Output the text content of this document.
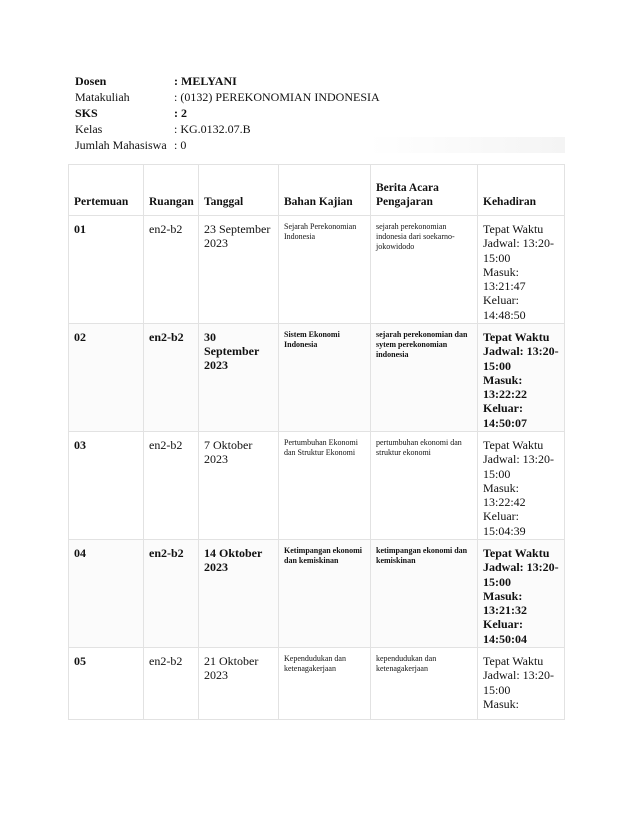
Dosen	: MELYANI
Matakuliah	: (0132) PEREKONOMIAN INDONESIA
SKS	: 2
Kelas	: KG.0132.07.B
Jumlah Mahasiswa : 0
Pertemuan	Ruangan	Tanggal	Bahan Kajian	Berita Acara Pengajaran	Kehadiran
01	en2-b2	23 September 2023	Sejarah Perekonomian Indonesia	sejarah perekonomian indonesia dari soekarno-jokowidodo	Tepat Waktu
Jadwal: 13:20-15:00
Masuk: 13:21:47
Keluar: 14:48:50

02	en2-b2	30 September 2023	Sistem Ekonomi Indonesia	sejarah perekonomian dan sytem perekonomian indonesia	Tepat Waktu
Jadwal: 13:20-15:00
Masuk: 13:22:22
Keluar: 14:50:07

03	en2-b2	7 Oktober 2023	Pertumbuhan Ekonomi dan Struktur Ekonomi	pertumbuhan ekonomi dan struktur ekonomi	Tepat Waktu
Jadwal: 13:20-15:00
Masuk: 13:22:42
Keluar: 15:04:39

04	en2-b2	14 Oktober 2023	Ketimpangan ekonomi dan kemiskinan	ketimpangan ekonomi dan kemiskinan	Tepat Waktu
Jadwal: 13:20-15:00
Masuk: 13:21:32
Keluar: 14:50:04

05	en2-b2	21 Oktober 2023	Kependudukan dan ketenagakerjaan	kependudukan dan ketenagakerjaan	Tepat Waktu
Jadwal: 13:20-15:00
Masuk:
